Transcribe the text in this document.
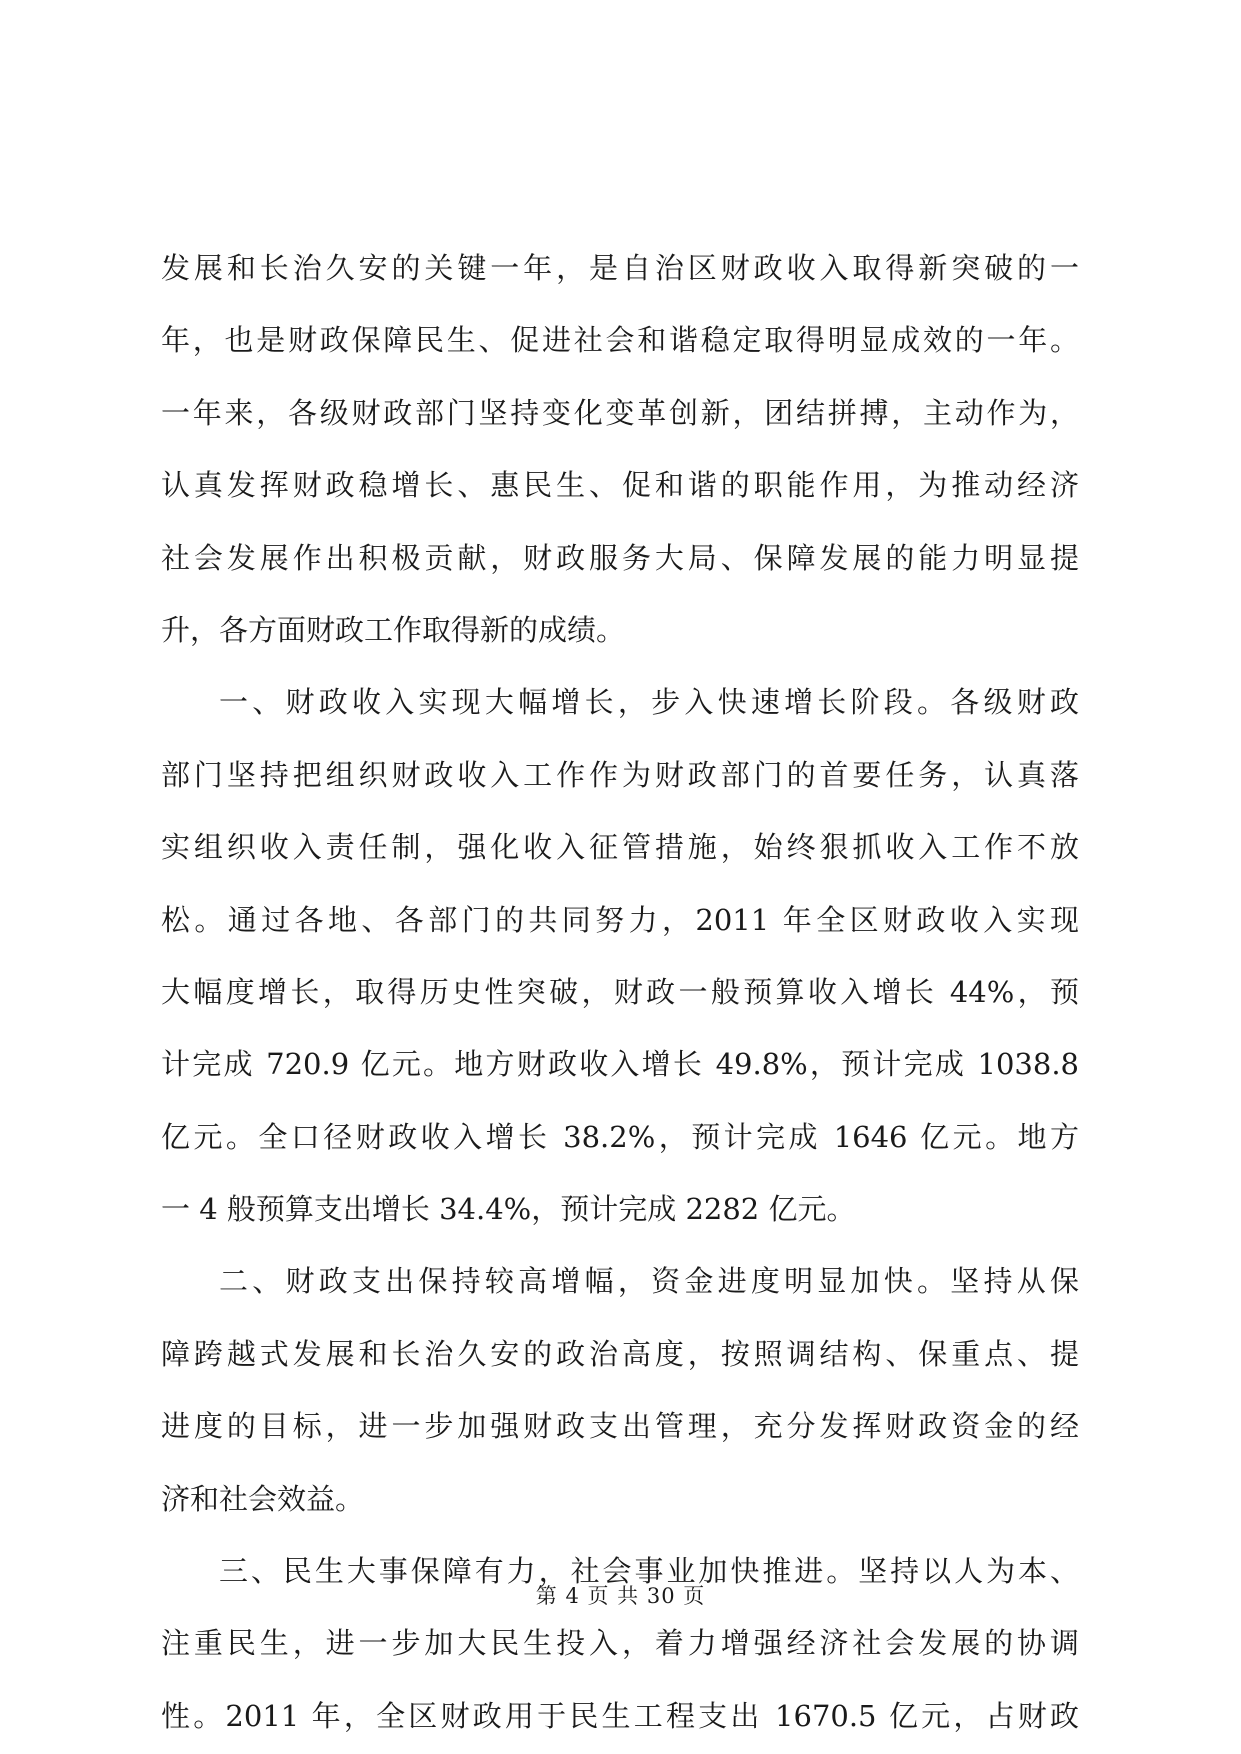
发展和长治久安的关键一年，是自治区财政收入取得新突破的一
年，也是财政保障民生、促进社会和谐稳定取得明显成效的一年。
一年来，各级财政部门坚持变化变革创新，团结拼搏，主动作为，
认真发挥财政稳增长、惠民生、促和谐的职能作用，为推动经济
社会发展作出积极贡献，财政服务大局、保障发展的能力明显提
升，各方面财政工作取得新的成绩。
一、财政收入实现大幅增长，步入快速增长阶段。各级财政
部门坚持把组织财政收入工作作为财政部门的首要任务，认真落
实组织收入责任制，强化收入征管措施，始终狠抓收入工作不放
松。通过各地、各部门的共同努力，2011 年全区财政收入实现
大幅度增长，取得历史性突破，财政一般预算收入增长 44%，预
计完成 720.9 亿元。地方财政收入增长 49.8%，预计完成 1038.8
亿元。全口径财政收入增长 38.2%，预计完成 1646 亿元。地方
一 4 般预算支出增长 34.4%，预计完成 2282 亿元。
二、财政支出保持较高增幅，资金进度明显加快。坚持从保
障跨越式发展和长治久安的政治高度，按照调结构、保重点、提
进度的目标，进一步加强财政支出管理，充分发挥财政资金的经
济和社会效益。
三、民生大事保障有力，社会事业加快推进。坚持以人为本、
注重民生，进一步加大民生投入，着力增强经济社会发展的协调
性。2011 年，全区财政用于民生工程支出 1670.5 亿元，占财政
第 4 页 共 30 页
